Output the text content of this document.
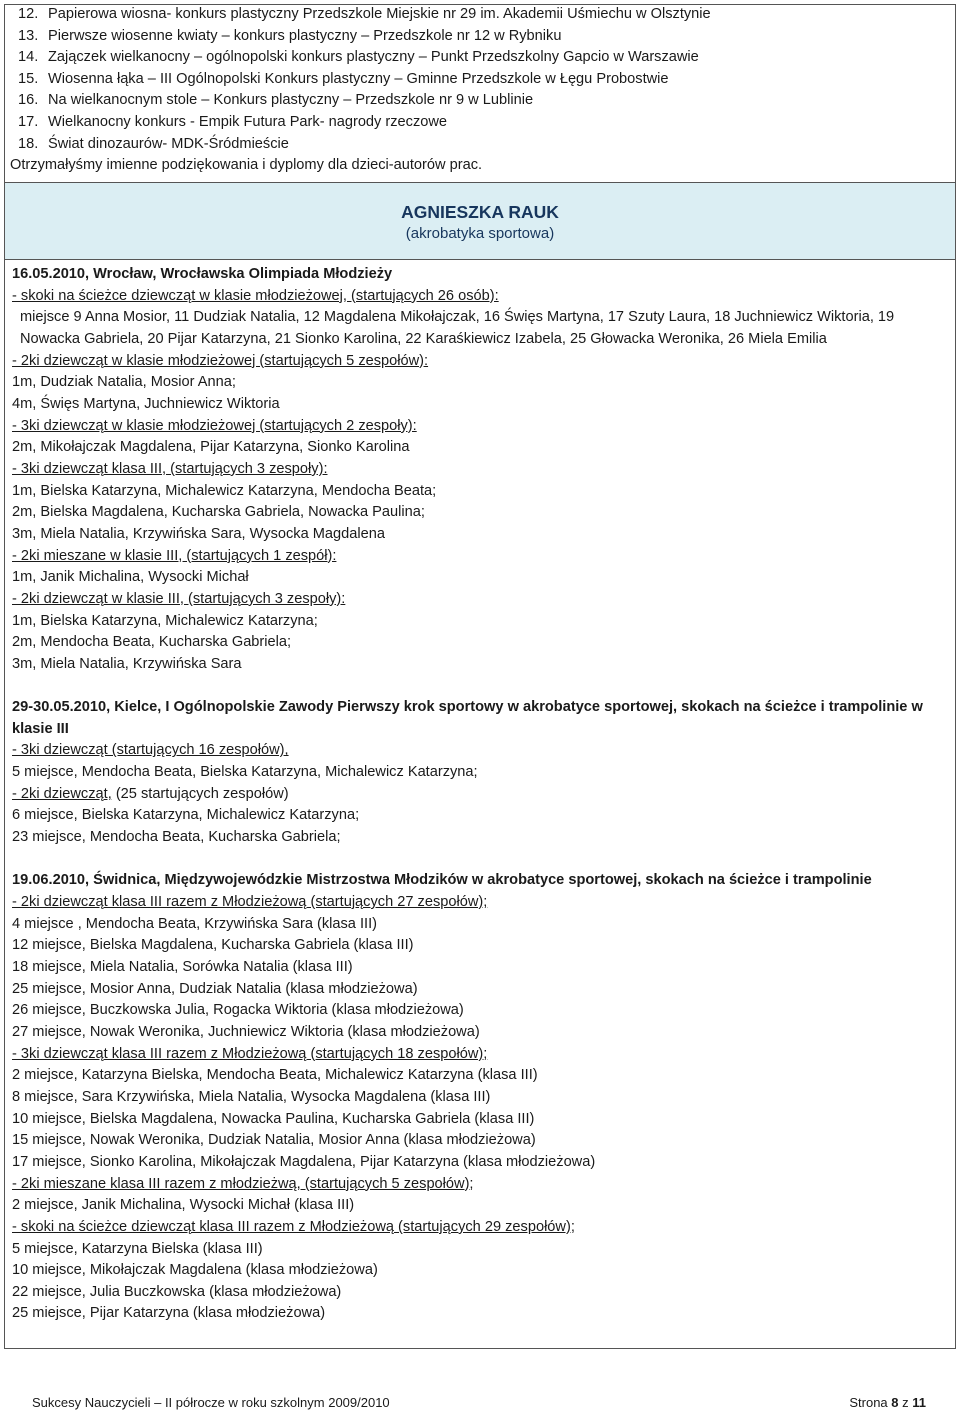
12. Papierowa wiosna- konkurs plastyczny Przedszkole Miejskie nr 29 im. Akademii Uśmiechu w Olsztynie
13. Pierwsze wiosenne kwiaty – konkurs plastyczny – Przedszkole nr 12 w Rybniku
14. Zajączek wielkanocny – ogólnopolski konkurs plastyczny – Punkt Przedszkolny Gapcio w Warszawie
15. Wiosenna łąka – III Ogólnopolski Konkurs plastyczny – Gminne Przedszkole w Łęgu Probostwie
16. Na wielkanocnym stole – Konkurs plastyczny – Przedszkole nr 9 w Lublinie
17. Wielkanocny konkurs - Empik Futura Park- nagrody rzeczowe
18. Świat dinozaurów- MDK-Śródmieście
Otrzymałyśmy imienne podziękowania i dyplomy dla dzieci-autorów prac.
AGNIESZKA RAUK
(akrobatyka sportowa)
16.05.2010, Wrocław, Wrocławska Olimpiada Młodzieży
- skoki na ścieżce dziewcząt w klasie młodzieżowej, (startujących 26 osób):
miejsce 9 Anna Mosior, 11 Dudziak Natalia, 12 Magdalena Mikołajczak, 16 Święs Martyna, 17 Szuty Laura, 18 Juchniewicz Wiktoria, 19 Nowacka Gabriela, 20 Pijar Katarzyna, 21 Sionko Karolina, 22 Karaśkiewicz Izabela, 25 Głowacka Weronika, 26 Miela Emilia
- 2ki dziewcząt w klasie młodzieżowej (startujących 5 zespołów):
1m, Dudziak Natalia, Mosior Anna;
4m, Święs Martyna, Juchniewicz Wiktoria
- 3ki dziewcząt w klasie młodzieżowej (startujących 2 zespoły):
2m, Mikołajczak Magdalena, Pijar Katarzyna, Sionko Karolina
- 3ki dziewcząt klasa III, (startujących 3 zespoły):
1m, Bielska Katarzyna, Michalewicz Katarzyna, Mendocha Beata;
2m, Bielska Magdalena, Kucharska Gabriela, Nowacka Paulina;
3m, Miela Natalia, Krzywińska Sara, Wysocka Magdalena
- 2ki mieszane w klasie III, (startujących 1 zespół):
1m, Janik Michalina, Wysocki Michał
- 2ki dziewcząt w klasie III, (startujących 3 zespoły):
1m, Bielska Katarzyna, Michalewicz Katarzyna;
2m, Mendocha Beata, Kucharska Gabriela;
3m, Miela Natalia, Krzywińska Sara
29-30.05.2010, Kielce, I Ogólnopolskie Zawody Pierwszy krok sportowy w akrobatyce sportowej, skokach na ścieżce i trampolinie w klasie III
- 3ki dziewcząt (startujących 16 zespołów),
5 miejsce, Mendocha Beata, Bielska Katarzyna, Michalewicz Katarzyna;
- 2ki dziewcząt, (25 startujących zespołów)
6 miejsce, Bielska Katarzyna, Michalewicz Katarzyna;
23 miejsce, Mendocha Beata, Kucharska Gabriela;
19.06.2010, Świdnica, Międzywojewódzkie Mistrzostwa Młodzików w akrobatyce sportowej, skokach na ścieżce i trampolinie
- 2ki dziewcząt klasa III razem z Młodzieżową (startujących 27 zespołów);
4 miejsce , Mendocha Beata, Krzywińska Sara (klasa III)
12 miejsce, Bielska Magdalena, Kucharska Gabriela (klasa III)
18 miejsce, Miela Natalia, Sorówka Natalia (klasa III)
25 miejsce, Mosior Anna, Dudziak Natalia (klasa młodzieżowa)
26 miejsce, Buczkowska Julia, Rogacka Wiktoria (klasa młodzieżowa)
27 miejsce, Nowak Weronika, Juchniewicz Wiktoria (klasa młodzieżowa)
- 3ki dziewcząt klasa III razem z Młodzieżową (startujących 18 zespołów);
2 miejsce, Katarzyna Bielska, Mendocha Beata, Michalewicz Katarzyna (klasa III)
8 miejsce, Sara Krzywińska, Miela Natalia, Wysocka Magdalena (klasa III)
10 miejsce, Bielska Magdalena, Nowacka Paulina, Kucharska Gabriela (klasa III)
15 miejsce, Nowak Weronika, Dudziak Natalia, Mosior Anna (klasa młodzieżowa)
17 miejsce, Sionko Karolina, Mikołajczak Magdalena, Pijar Katarzyna (klasa młodzieżowa)
- 2ki mieszane klasa III razem z młodzieżwą, (startujących 5 zespołów);
2 miejsce, Janik Michalina, Wysocki Michał (klasa III)
- skoki na ścieżce dziewcząt klasa III razem z Młodzieżową (startujących 29 zespołów);
5 miejsce, Katarzyna Bielska (klasa III)
10 miejsce, Mikołajczak Magdalena (klasa młodzieżowa)
22 miejsce, Julia Buczkowska (klasa młodzieżowa)
25 miejsce, Pijar Katarzyna (klasa młodzieżowa)
Sukcesy Nauczycieli – II półrocze w roku szkolnym 2009/2010	Strona 8 z 11
